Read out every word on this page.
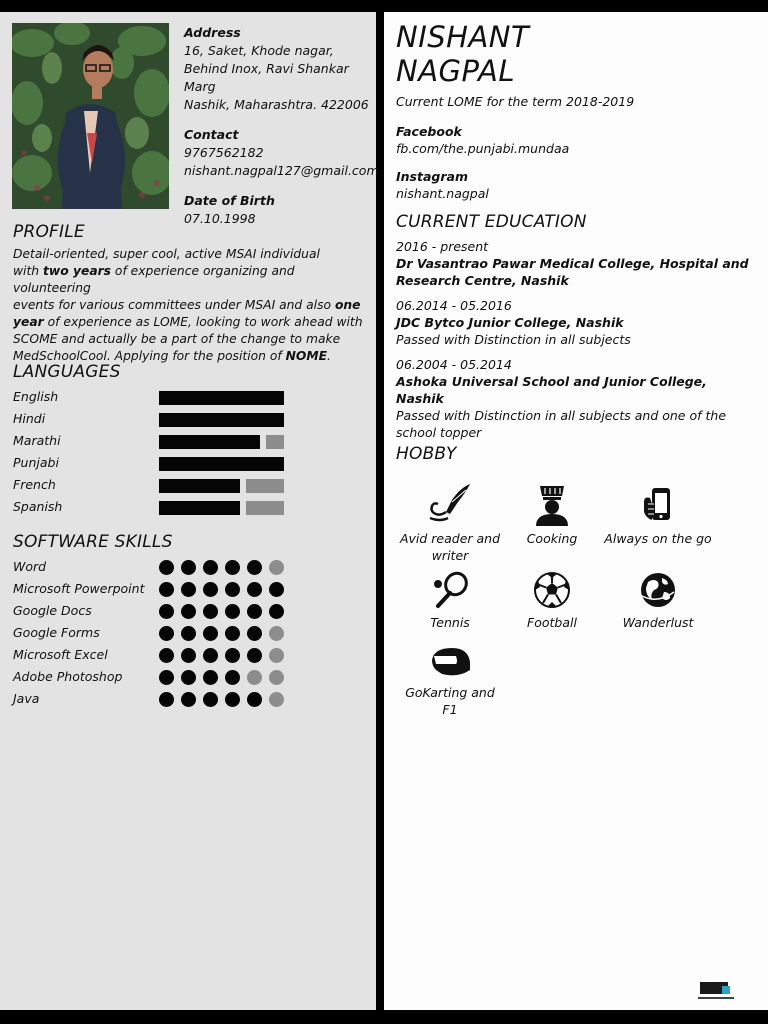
Address
16, Saket, Khode nagar,
Behind Inox, Ravi Shankar Marg
Nashik, Maharashtra. 422006
Contact
9767562182
nishant.nagpal127@gmail.com
Date of Birth
07.10.1998
PROFILE

Detail-oriented, super cool, active MSAI individual
with two years of experience organizing and volunteering
events for various committees under MSAI and also one
year of experience as LOME, looking to work ahead with
SCOME and actually be a part of the change to make
MedSchoolCool. Applying for the position of NOME.

LANGUAGES
English
Hindi
Marathi
Punjabi
French
Spanish
SOFTWARE SKILLS
Word
Microsoft Powerpoint
Google Docs
Google Forms
Microsoft Excel
Adobe Photoshop
Java
NISHANT
NAGPAL
Current LOME for the term 2018-2019
Facebook
fb.com/the.punjabi.mundaa
Instagram
nishant.nagpal
CURRENT EDUCATION
2016 - present
Dr Vasantrao Pawar Medical College, Hospital and Research Centre, Nashik
06.2014 - 05.2016
JDC Bytco Junior College, Nashik
Passed with Distinction in all subjects
06.2004 - 05.2014
Ashoka Universal School and Junior College, Nashik
Passed with Distinction in all subjects and one of the school topper
HOBBY
Avid reader and writer
Cooking	Always on the go
Tennis	Football	Wanderlust
GoKarting and F1
